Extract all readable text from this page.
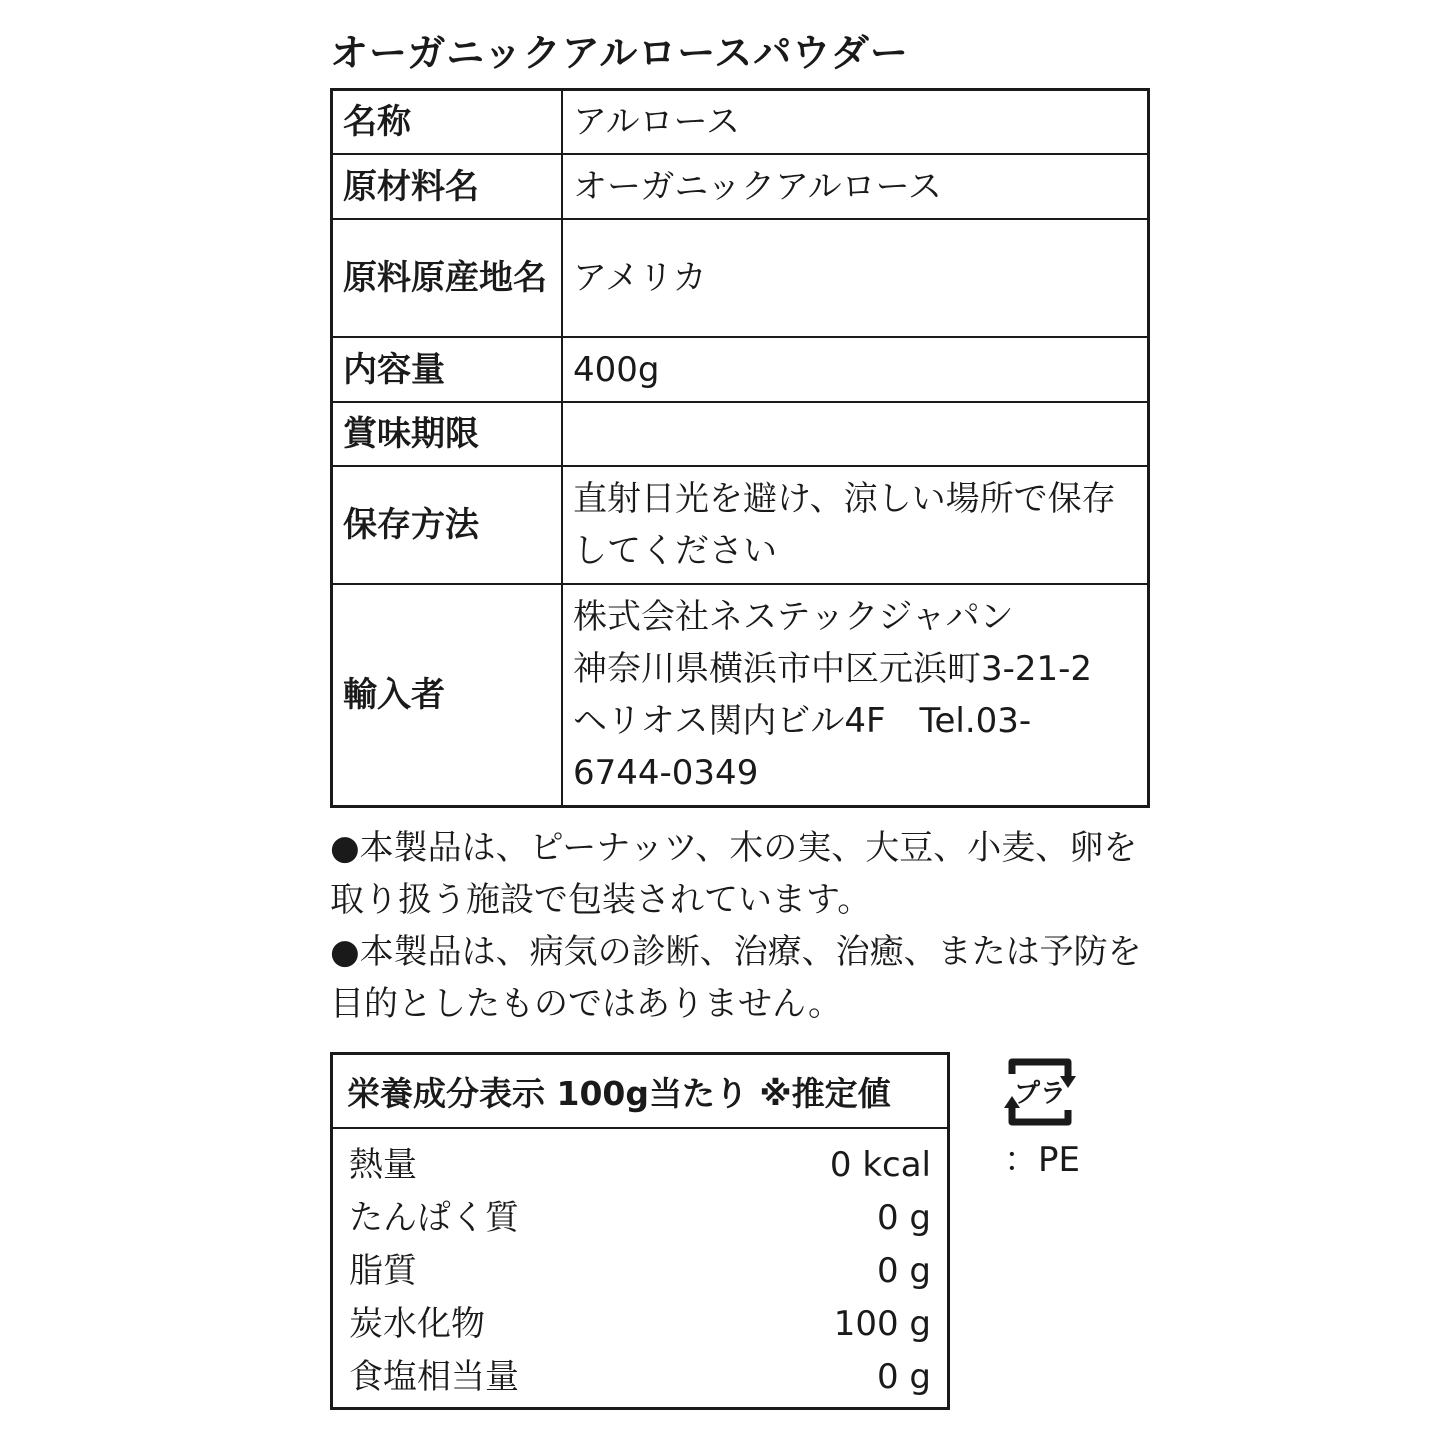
オーガニックアルロースパウダー
名称	アルロース
原材料名	オーガニックアルロース
原料原産地名	アメリカ
内容量	400g
賞味期限	
保存方法	直射日光を避け、涼しい場所で保存してください
輸入者	株式会社ネステックジャパン
神奈川県横浜市中区元浜町3-21-2
ヘリオス関内ビル4F　Tel.03-
6744-0349

●本製品は、ピーナッツ、木の実、大豆、小麦、卵を取り扱う施設で包装されています。

●本製品は、病気の診断、治療、治癒、または予防を目的としたものではありません。

栄養成分表示 100g当たり ※推定値
熱量	0 kcal
たんぱく質	0 g
脂質	0 g
炭水化物	100 g
食塩相当量	0 g
プラ
：PE
